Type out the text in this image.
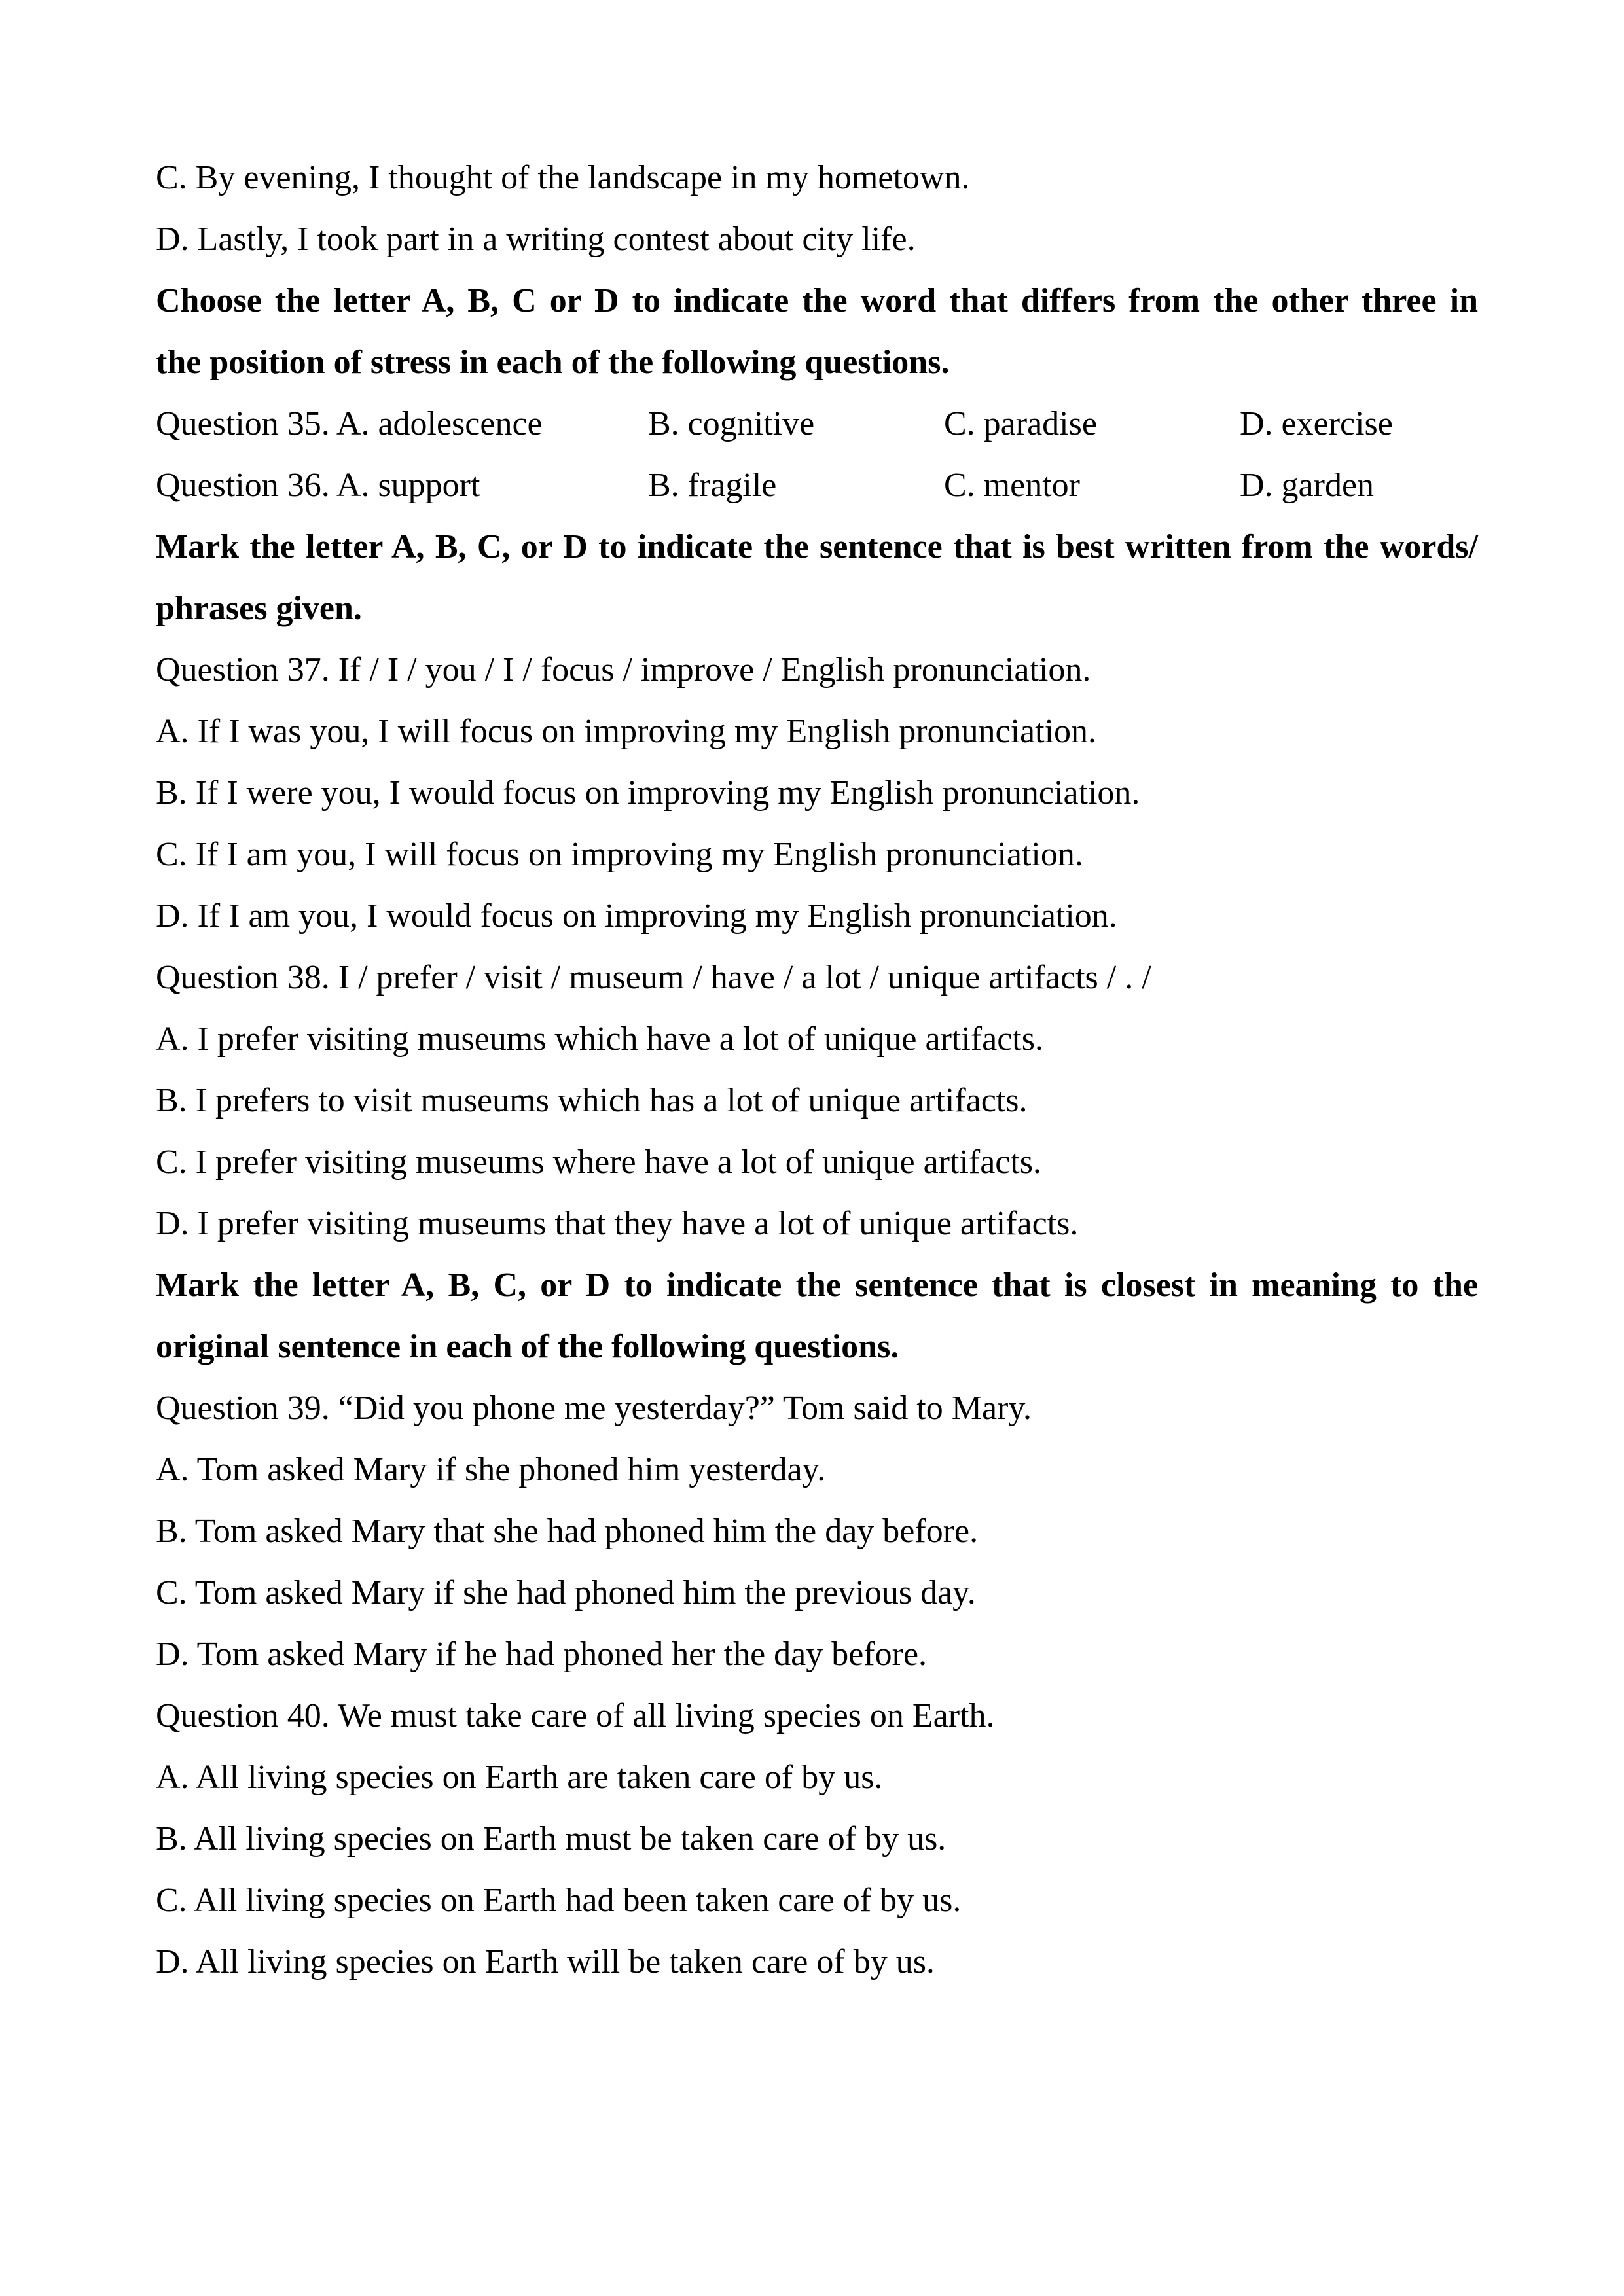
C. By evening, I thought of the landscape in my hometown.
D. Lastly, I took part in a writing contest about city life.
Choose the letter A, B, C or D to indicate the word that differs from the other three in
the position of stress in each of the following questions.
Question 35. A. adolescence	B. cognitive	C. paradise	D. exercise
Question 36. A. support	B. fragile	C. mentor	D. garden
Mark the letter A, B, C, or D to indicate the sentence that is best written from the words/
phrases given.
Question 37. If / I / you / I / focus / improve / English pronunciation.
A. If I was you, I will focus on improving my English pronunciation.
B. If I were you, I would focus on improving my English pronunciation.
C. If I am you, I will focus on improving my English pronunciation.
D. If I am you, I would focus on improving my English pronunciation.
Question 38. I / prefer / visit / museum / have / a lot / unique artifacts / . /
A. I prefer visiting museums which have a lot of unique artifacts.
B. I prefers to visit museums which has a lot of unique artifacts.
C. I prefer visiting museums where have a lot of unique artifacts.
D. I prefer visiting museums that they have a lot of unique artifacts.
Mark the letter A, B, C, or D to indicate the sentence that is closest in meaning to the
original sentence in each of the following questions.
Question 39. “Did you phone me yesterday?” Tom said to Mary.
A. Tom asked Mary if she phoned him yesterday.
B. Tom asked Mary that she had phoned him the day before.
C. Tom asked Mary if she had phoned him the previous day.
D. Tom asked Mary if he had phoned her the day before.
Question 40. We must take care of all living species on Earth.
A. All living species on Earth are taken care of by us.
B. All living species on Earth must be taken care of by us.
C. All living species on Earth had been taken care of by us.
D. All living species on Earth will be taken care of by us.
